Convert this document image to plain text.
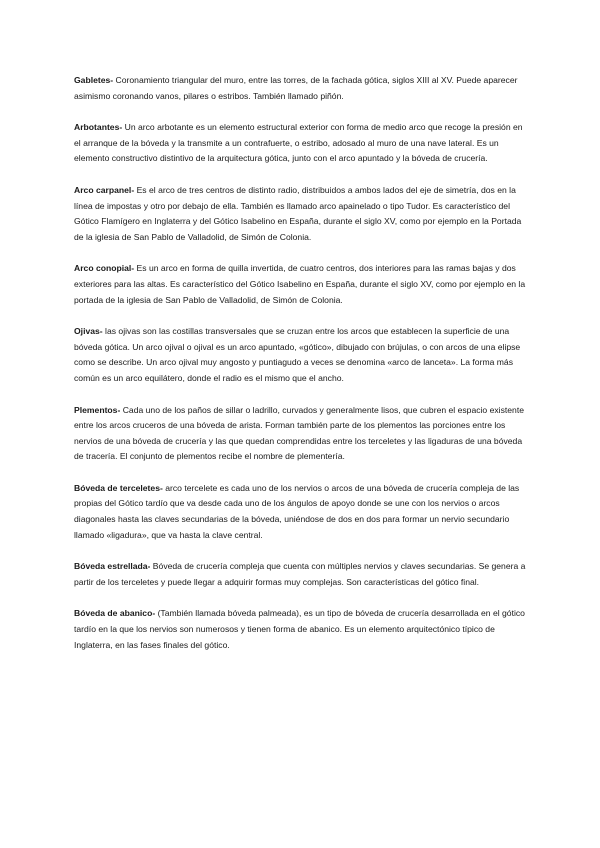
Gabletes- Coronamiento triangular del muro, entre las torres, de la fachada gótica, siglos XIII al XV. Puede aparecer asimismo coronando vanos, pilares o estribos. También llamado piñón.

Arbotantes- Un arco arbotante es un elemento estructural exterior con forma de medio arco que recoge la presión en el arranque de la bóveda y la transmite a un contrafuerte, o estribo, adosado al muro de una nave lateral. Es un elemento constructivo distintivo de la arquitectura gótica, junto con el arco apuntado y la bóveda de crucería.

Arco carpanel- Es el arco de tres centros de distinto radio, distribuidos a ambos lados del eje de simetría, dos en la línea de impostas y otro por debajo de ella. También es llamado arco apainelado o tipo Tudor. Es característico del Gótico Flamígero en Inglaterra y del Gótico Isabelino en España, durante el siglo XV, como por ejemplo en la Portada de la iglesia de San Pablo de Valladolid, de Simón de Colonia.

Arco conopial- Es un arco en forma de quilla invertida, de cuatro centros, dos interiores para las ramas bajas y dos exteriores para las altas. Es característico del Gótico Isabelino en España, durante el siglo XV, como por ejemplo en la portada de la iglesia de San Pablo de Valladolid, de Simón de Colonia.

Ojivas- las ojivas son las costillas transversales que se cruzan entre los arcos que establecen la superficie de una bóveda gótica. Un arco ojival o ojival es un arco apuntado, «gótico», dibujado con brújulas, o con arcos de una elipse como se describe. Un arco ojival muy angosto y puntiagudo a veces se denomina «arco de lanceta». La forma más común es un arco equilátero, donde el radio es el mismo que el ancho.

Plementos- Cada uno de los paños de sillar o ladrillo, curvados y generalmente lisos, que cubren el espacio existente entre los arcos cruceros de una bóveda de arista. Forman también parte de los plementos las porciones entre los nervios de una bóveda de crucería y las que quedan comprendidas entre los terceletes y las ligaduras de una bóveda de tracería. El conjunto de plementos recibe el nombre de plementería.

Bóveda de terceletes- arco tercelete es cada uno de los nervios o arcos de una bóveda de crucería compleja de las propias del Gótico tardío que va desde cada uno de los ángulos de apoyo donde se une con los nervios o arcos diagonales hasta las claves secundarias de la bóveda, uniéndose de dos en dos para formar un nervio secundario llamado «ligadura», que va hasta la clave central.

Bóveda estrellada- Bóveda de crucería compleja que cuenta con múltiples nervios y claves secundarias. Se genera a partir de los terceletes y puede llegar a adquirir formas muy complejas. Son características del gótico final.

Bóveda de abanico- (También llamada bóveda palmeada), es un tipo de bóveda de crucería desarrollada en el gótico tardío en la que los nervios son numerosos y tienen forma de abanico. Es un elemento arquitectónico típico de Inglaterra, en las fases finales del gótico.
